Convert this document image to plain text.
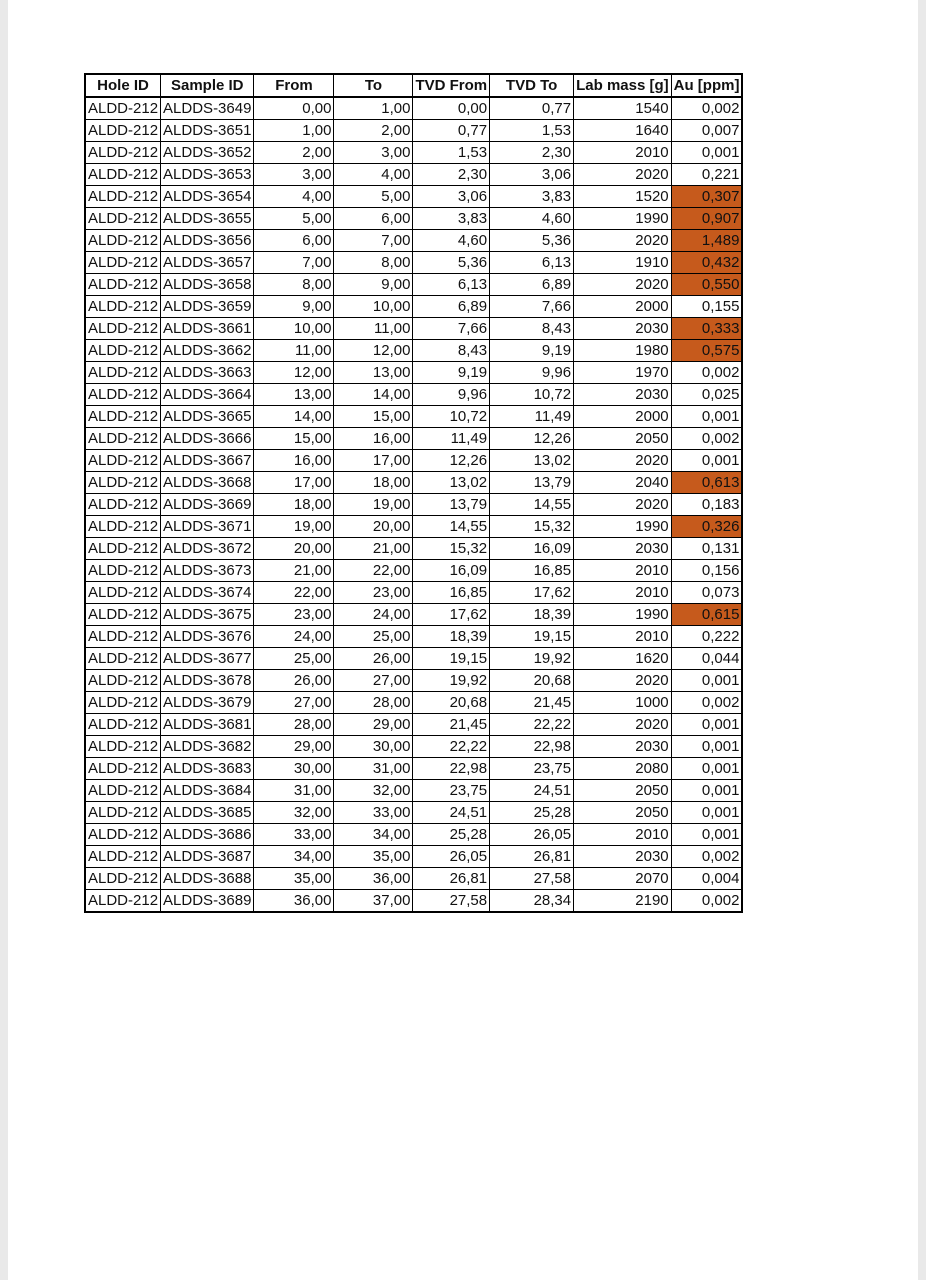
Hole ID	Sample ID	From	To	TVD From	TVD To	Lab mass [g]	Au [ppm]
ALDD-212	ALDDS-3649	0,00	1,00	0,00	0,77	1540	0,002
ALDD-212	ALDDS-3651	1,00	2,00	0,77	1,53	1640	0,007
ALDD-212	ALDDS-3652	2,00	3,00	1,53	2,30	2010	0,001
ALDD-212	ALDDS-3653	3,00	4,00	2,30	3,06	2020	0,221
ALDD-212	ALDDS-3654	4,00	5,00	3,06	3,83	1520	0,307
ALDD-212	ALDDS-3655	5,00	6,00	3,83	4,60	1990	0,907
ALDD-212	ALDDS-3656	6,00	7,00	4,60	5,36	2020	1,489
ALDD-212	ALDDS-3657	7,00	8,00	5,36	6,13	1910	0,432
ALDD-212	ALDDS-3658	8,00	9,00	6,13	6,89	2020	0,550
ALDD-212	ALDDS-3659	9,00	10,00	6,89	7,66	2000	0,155
ALDD-212	ALDDS-3661	10,00	11,00	7,66	8,43	2030	0,333
ALDD-212	ALDDS-3662	11,00	12,00	8,43	9,19	1980	0,575
ALDD-212	ALDDS-3663	12,00	13,00	9,19	9,96	1970	0,002
ALDD-212	ALDDS-3664	13,00	14,00	9,96	10,72	2030	0,025
ALDD-212	ALDDS-3665	14,00	15,00	10,72	11,49	2000	0,001
ALDD-212	ALDDS-3666	15,00	16,00	11,49	12,26	2050	0,002
ALDD-212	ALDDS-3667	16,00	17,00	12,26	13,02	2020	0,001
ALDD-212	ALDDS-3668	17,00	18,00	13,02	13,79	2040	0,613
ALDD-212	ALDDS-3669	18,00	19,00	13,79	14,55	2020	0,183
ALDD-212	ALDDS-3671	19,00	20,00	14,55	15,32	1990	0,326
ALDD-212	ALDDS-3672	20,00	21,00	15,32	16,09	2030	0,131
ALDD-212	ALDDS-3673	21,00	22,00	16,09	16,85	2010	0,156
ALDD-212	ALDDS-3674	22,00	23,00	16,85	17,62	2010	0,073
ALDD-212	ALDDS-3675	23,00	24,00	17,62	18,39	1990	0,615
ALDD-212	ALDDS-3676	24,00	25,00	18,39	19,15	2010	0,222
ALDD-212	ALDDS-3677	25,00	26,00	19,15	19,92	1620	0,044
ALDD-212	ALDDS-3678	26,00	27,00	19,92	20,68	2020	0,001
ALDD-212	ALDDS-3679	27,00	28,00	20,68	21,45	1000	0,002
ALDD-212	ALDDS-3681	28,00	29,00	21,45	22,22	2020	0,001
ALDD-212	ALDDS-3682	29,00	30,00	22,22	22,98	2030	0,001
ALDD-212	ALDDS-3683	30,00	31,00	22,98	23,75	2080	0,001
ALDD-212	ALDDS-3684	31,00	32,00	23,75	24,51	2050	0,001
ALDD-212	ALDDS-3685	32,00	33,00	24,51	25,28	2050	0,001
ALDD-212	ALDDS-3686	33,00	34,00	25,28	26,05	2010	0,001
ALDD-212	ALDDS-3687	34,00	35,00	26,05	26,81	2030	0,002
ALDD-212	ALDDS-3688	35,00	36,00	26,81	27,58	2070	0,004
ALDD-212	ALDDS-3689	36,00	37,00	27,58	28,34	2190	0,002
